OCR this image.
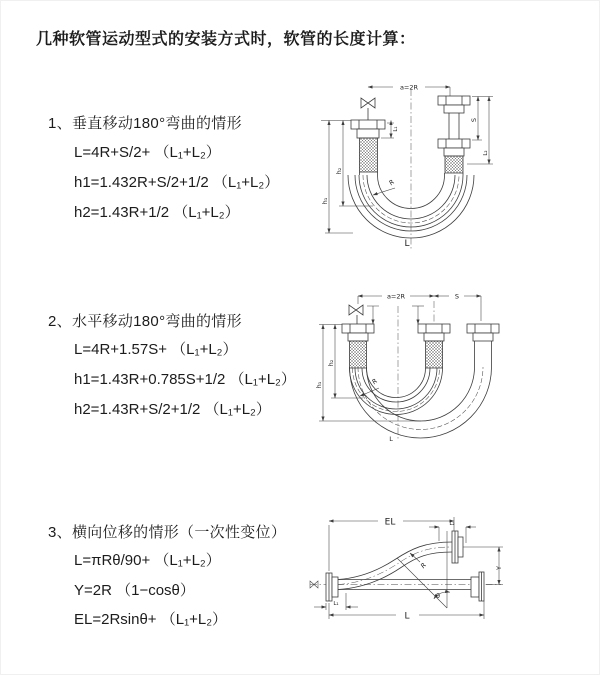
几种软管运动型式的安装方式时，软管的长度计算：
1、垂直移动180°弯曲的情形
L=4R+S/2+ （L₁+L₂）
h1=1.432R+S/2+1/2 （L₁+L₂）
h2=1.43R+1/2 （L₁+L₂）
a=2R
h₁
h₂
S
L₂
L₁
R
L
2、水平移动180°弯曲的情形
L=4R+1.57S+ （L₁+L₂）
h1=1.43R+0.785S+1/2 （L₁+L₂）
h2=1.43R+S/2+1/2 （L₁+L₂）
a=2R	S
h₁
h₂
R
L
3、横向位移的情形（一次性变位）
L=πRθ/90+ （L₁+L₂）
Y=2R （1−cosθ）
EL=2Rsinθ+ （L₁+L₂）
EL	L₂
θ
R	Y
L₁
L
